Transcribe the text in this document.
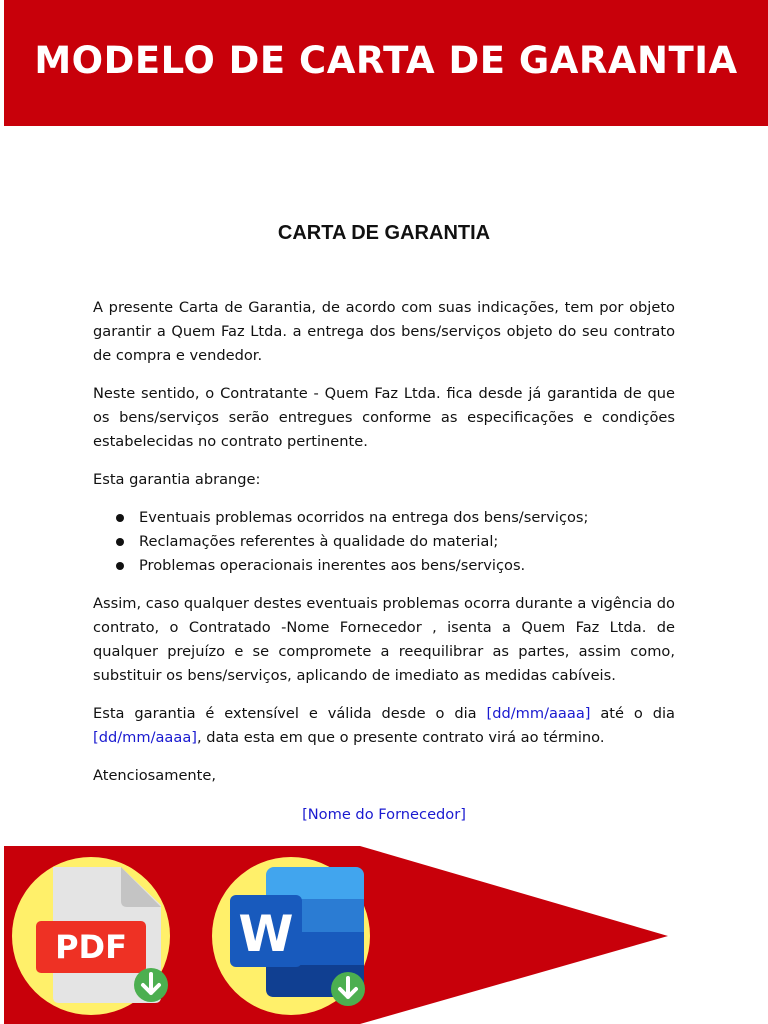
MODELO DE CARTA DE GARANTIA
CARTA DE GARANTIA

A presente Carta de Garantia, de acordo com suas indicações, tem por objeto garantir a Quem Faz Ltda. a entrega dos bens/serviços objeto do seu contrato de compra e vendedor.

Neste sentido, o Contratante - Quem Faz Ltda. fica desde já garantida de que os bens/serviços serão entregues conforme as especificações e condições estabelecidas no contrato pertinente.

Esta garantia abrange:

Eventuais problemas ocorridos na entrega dos bens/serviços;
Reclamações referentes à qualidade do material;
Problemas operacionais inerentes aos bens/serviços.

Assim, caso qualquer destes eventuais problemas ocorra durante a vigência do contrato, o Contratado -Nome Fornecedor , isenta a Quem Faz Ltda. de qualquer prejuízo e se compromete a reequilibrar as partes, assim como, substituir os bens/serviços, aplicando de imediato as medidas cabíveis.

Esta garantia é extensível e válida desde o dia [dd/mm/aaaa] até o dia [dd/mm/aaaa], data esta em que o presente contrato virá ao término.

Atenciosamente,

[Nome do Fornecedor]
PDF W
